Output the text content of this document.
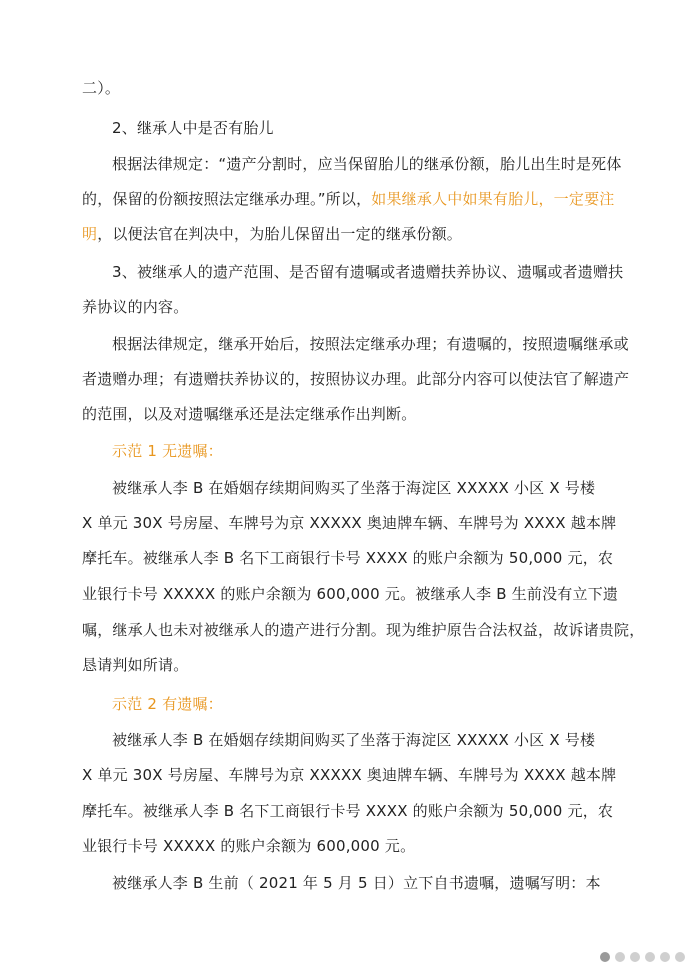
二）。
2、继承人中是否有胎儿
根据法律规定：“遗产分割时，应当保留胎儿的继承份额，胎儿出生时是死体
的，保留的份额按照法定继承办理。”所以，如果继承人中如果有胎儿，一定要注
明，以便法官在判决中，为胎儿保留出一定的继承份额。
3、被继承人的遗产范围、是否留有遗嘱或者遗赠扶养协议、遗嘱或者遗赠扶
养协议的内容。
根据法律规定，继承开始后，按照法定继承办理；有遗嘱的，按照遗嘱继承或
者遗赠办理；有遗赠扶养协议的，按照协议办理。此部分内容可以使法官了解遗产
的范围，以及对遗嘱继承还是法定继承作出判断。
示范 1 无遗嘱：
被继承人李 B 在婚姻存续期间购买了坐落于海淀区 XXXXX 小区 X 号楼
X 单元 30X 号房屋、车牌号为京 XXXXX 奥迪牌车辆、车牌号为 XXXX 越本牌
摩托车。被继承人李 B 名下工商银行卡号 XXXX 的账户余额为 50,000 元，农
业银行卡号 XXXXX 的账户余额为 600,000 元。被继承人李 B 生前没有立下遗
嘱，继承人也未对被继承人的遗产进行分割。现为维护原告合法权益，故诉诸贵院，
恳请判如所请。
示范 2 有遗嘱：
被继承人李 B 在婚姻存续期间购买了坐落于海淀区 XXXXX 小区 X 号楼
X 单元 30X 号房屋、车牌号为京 XXXXX 奥迪牌车辆、车牌号为 XXXX 越本牌
摩托车。被继承人李 B 名下工商银行卡号 XXXX 的账户余额为 50,000 元，农
业银行卡号 XXXXX 的账户余额为 600,000 元。
被继承人李 B 生前（ 2021 年 5 月 5 日）立下自书遗嘱，遗嘱写明：本
